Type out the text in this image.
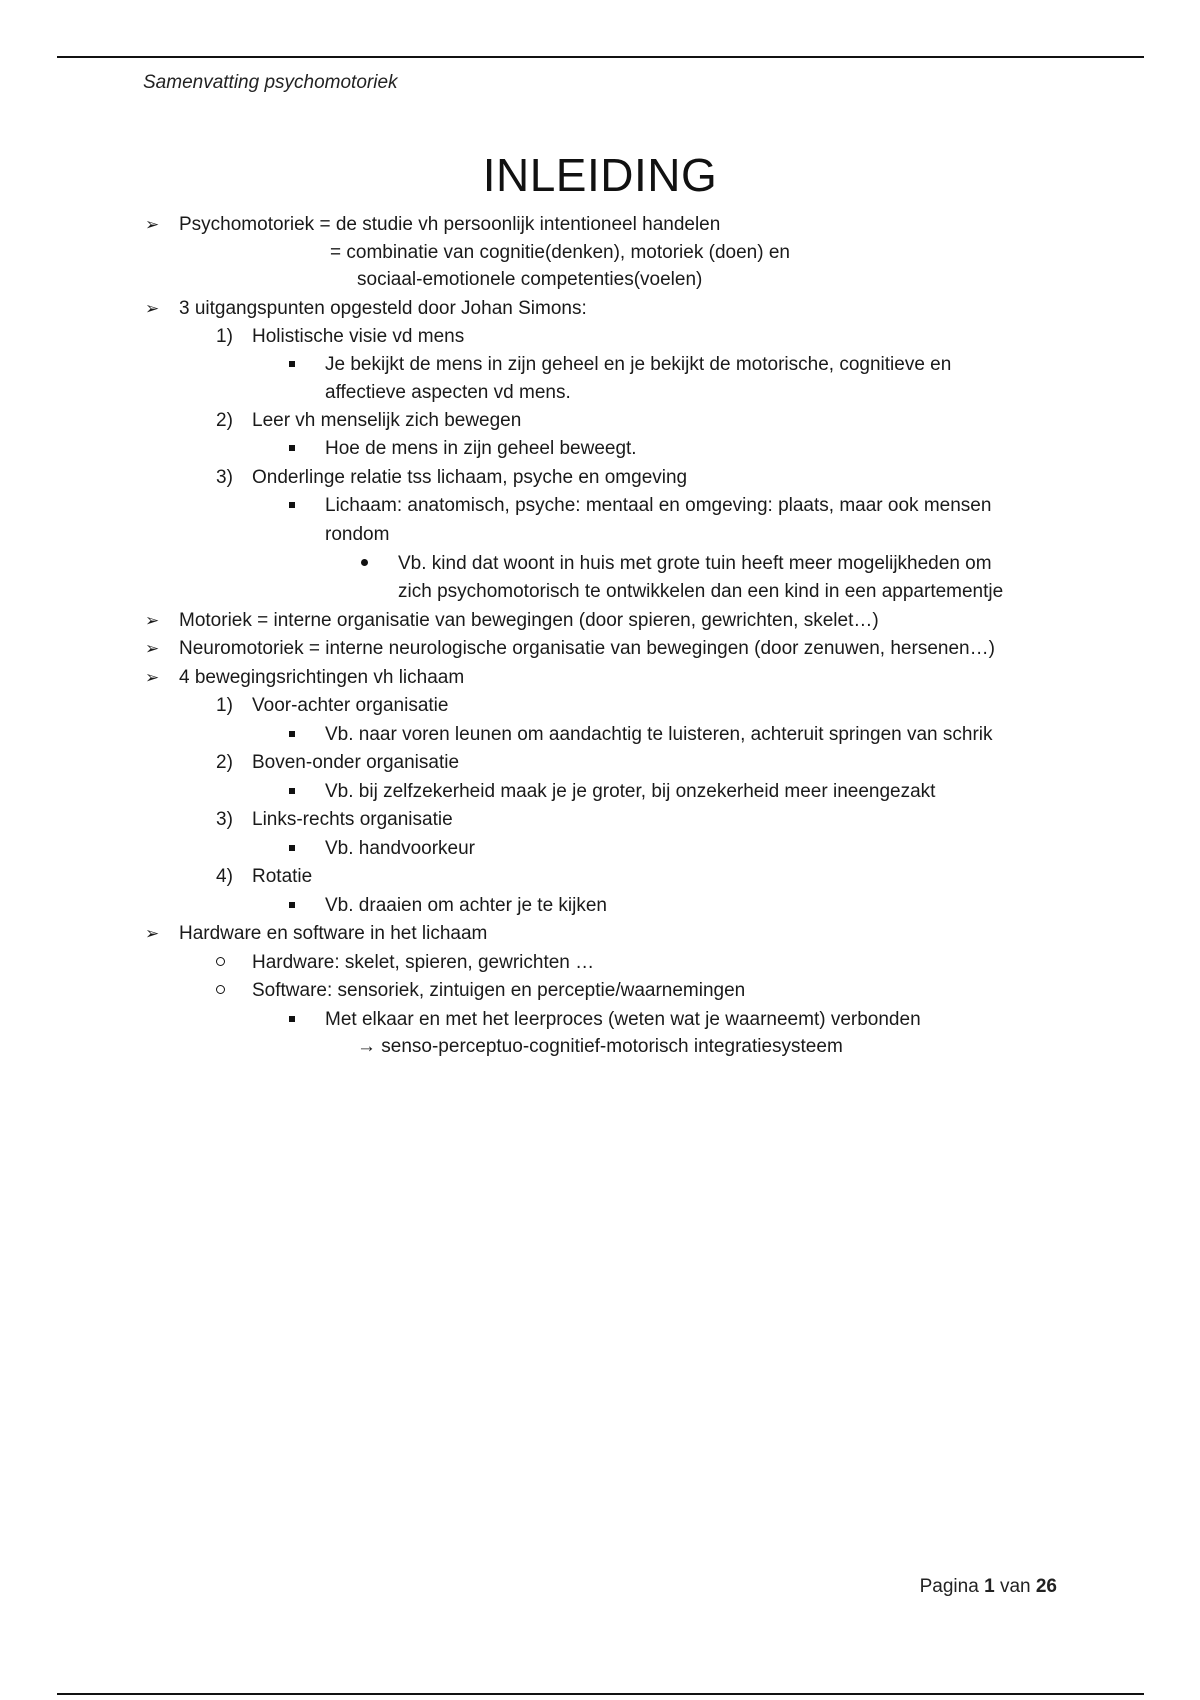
Samenvatting psychomotoriek
INLEIDING
➢	Psychomotoriek = de studie vh persoonlijk intentioneel handelen
= combinatie van cognitie(denken), motoriek (doen) en
sociaal-emotionele competenties(voelen)
➢	3 uitgangspunten opgesteld door Johan Simons:
1)	Holistische visie vd mens
Je bekijkt de mens in zijn geheel en je bekijkt de motorische, cognitieve en
affectieve aspecten vd mens.
2)	Leer vh menselijk zich bewegen
Hoe de mens in zijn geheel beweegt.
3)	Onderlinge relatie tss lichaam, psyche en omgeving
Lichaam: anatomisch, psyche: mentaal en omgeving: plaats, maar ook mensen
rondom
Vb. kind dat woont in huis met grote tuin heeft meer mogelijkheden om
zich psychomotorisch te ontwikkelen dan een kind in een appartementje
➢	Motoriek = interne organisatie van bewegingen (door spieren, gewrichten, skelet…)
➢	Neuromotoriek = interne neurologische organisatie van bewegingen (door zenuwen, hersenen…)
➢	4 bewegingsrichtingen vh lichaam
1)	Voor-achter organisatie
Vb. naar voren leunen om aandachtig te luisteren, achteruit springen van schrik
2)	Boven-onder organisatie
Vb. bij zelfzekerheid maak je je groter, bij onzekerheid meer ineengezakt
3)	Links-rechts organisatie
Vb. handvoorkeur
4)	Rotatie
Vb. draaien om achter je te kijken
➢	Hardware en software in het lichaam
Hardware: skelet, spieren, gewrichten …
Software: sensoriek, zintuigen en perceptie/waarnemingen
Met elkaar en met het leerproces (weten wat je waarneemt) verbonden
→ senso-perceptuo-cognitief-motorisch integratiesysteem
Pagina 1 van 26
